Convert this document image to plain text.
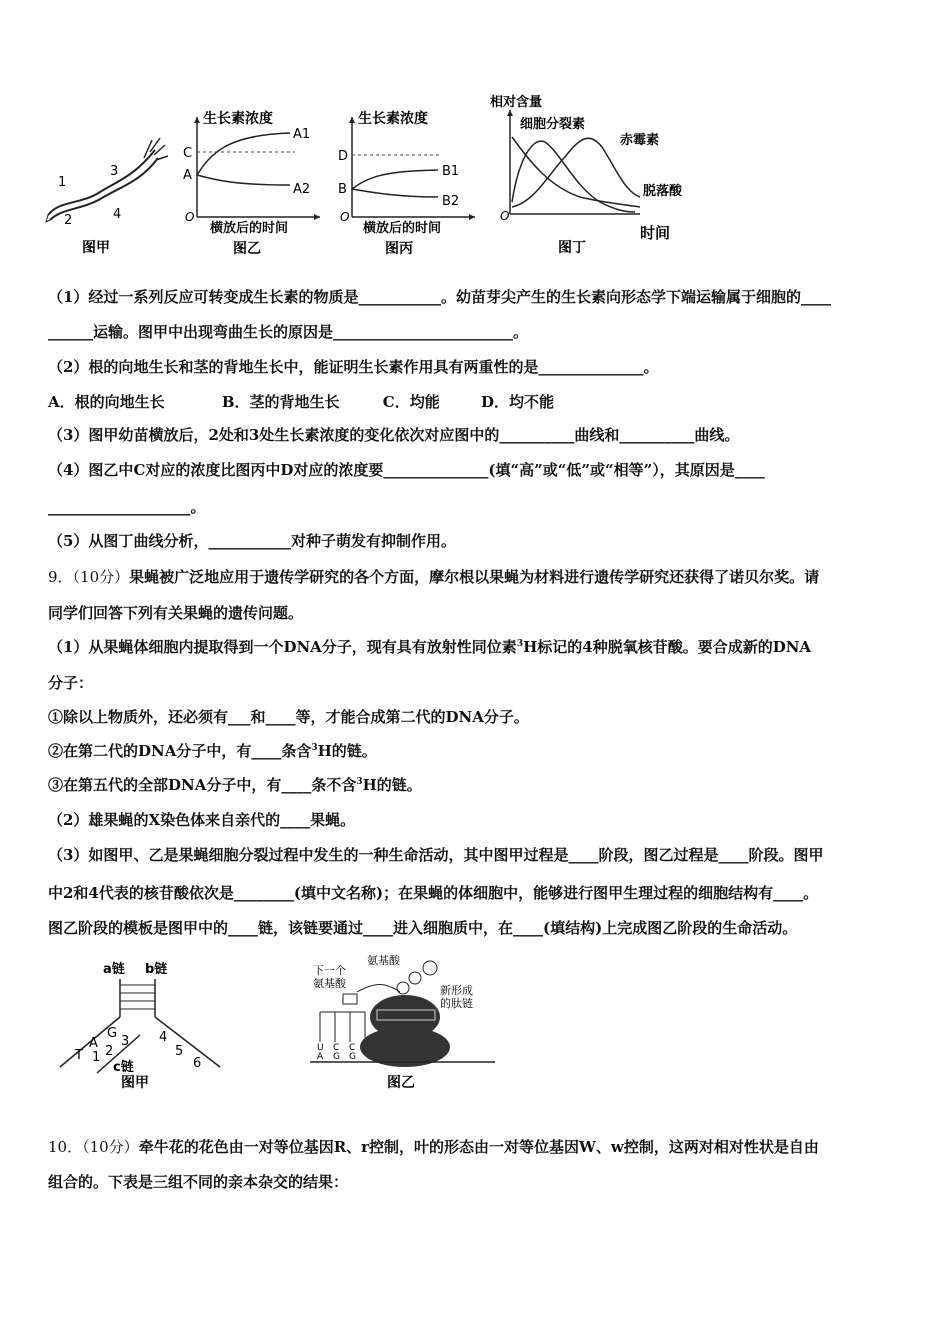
1
2
3
4
图甲
生长素浓度
C
A
A1
A2
O
横放后的时间
图乙
生长素浓度
D
B
B1
B2
O
横放后的时间
图丙
相对含量
细胞分裂素
赤霉素
脱落酸
O
时间
图丁
（1）经过一系列反应可转变成生长素的物质是___________。幼苗芽尖产生的生长素向形态学下端运输属于细胞的____
______运输。图甲中出现弯曲生长的原因是________________________。
（2）根的向地生长和茎的背地生长中，能证明生长素作用具有两重性的是______________。
A．根的向地生长	B．茎的背地生长	C．均能	D．均不能
（3）图甲幼苗横放后，2处和3处生长素浓度的变化依次对应图中的__________曲线和__________曲线。
（4）图乙中C对应的浓度比图丙中D对应的浓度要______________(填“高”或“低”或“相等”），其原因是____
___________________。
（5）从图丁曲线分析，___________对种子萌发有抑制作用。
9．（10分）果蝇被广泛地应用于遗传学研究的各个方面，摩尔根以果蝇为材料进行遗传学研究还获得了诺贝尔奖。请
同学们回答下列有关果蝇的遗传问题。
（1）从果蝇体细胞内提取得到一个DNA分子，现有具有放射性同位素$^3$H标记的4种脱氧核苷酸。要合成新的DNA
分子：
①除以上物质外，还必须有___和____等，才能合成第二代的DNA分子。
②在第二代的DNA分子中，有____条含$^3$H的链。
③在第五代的全部DNA分子中，有____条不含$^3$H的链。
（2）雄果蝇的X染色体来自亲代的____果蝇。
（3）如图甲、乙是果蝇细胞分裂过程中发生的一种生命活动，其中图甲过程是____阶段，图乙过程是____阶段。图甲
中2和4代表的核苷酸依次是________(填中文名称)；在果蝇的体细胞中，能够进行图甲生理过程的细胞结构有____。
图乙阶段的模板是图甲中的____链，该链要通过____进入细胞质中，在____(填结构)上完成图乙阶段的生命活动。
a链 b链
G
A 3
T 1 2
4
5
6
c链
图甲
氨基酸
下一个
氨基酸
新形成
的肽链
U
A
C
G
C
G
图乙
10．（10分）牵牛花的花色由一对等位基因R、r控制，叶的形态由一对等位基因W、w控制，这两对相对性状是自由
组合的。下表是三组不同的亲本杂交的结果：
